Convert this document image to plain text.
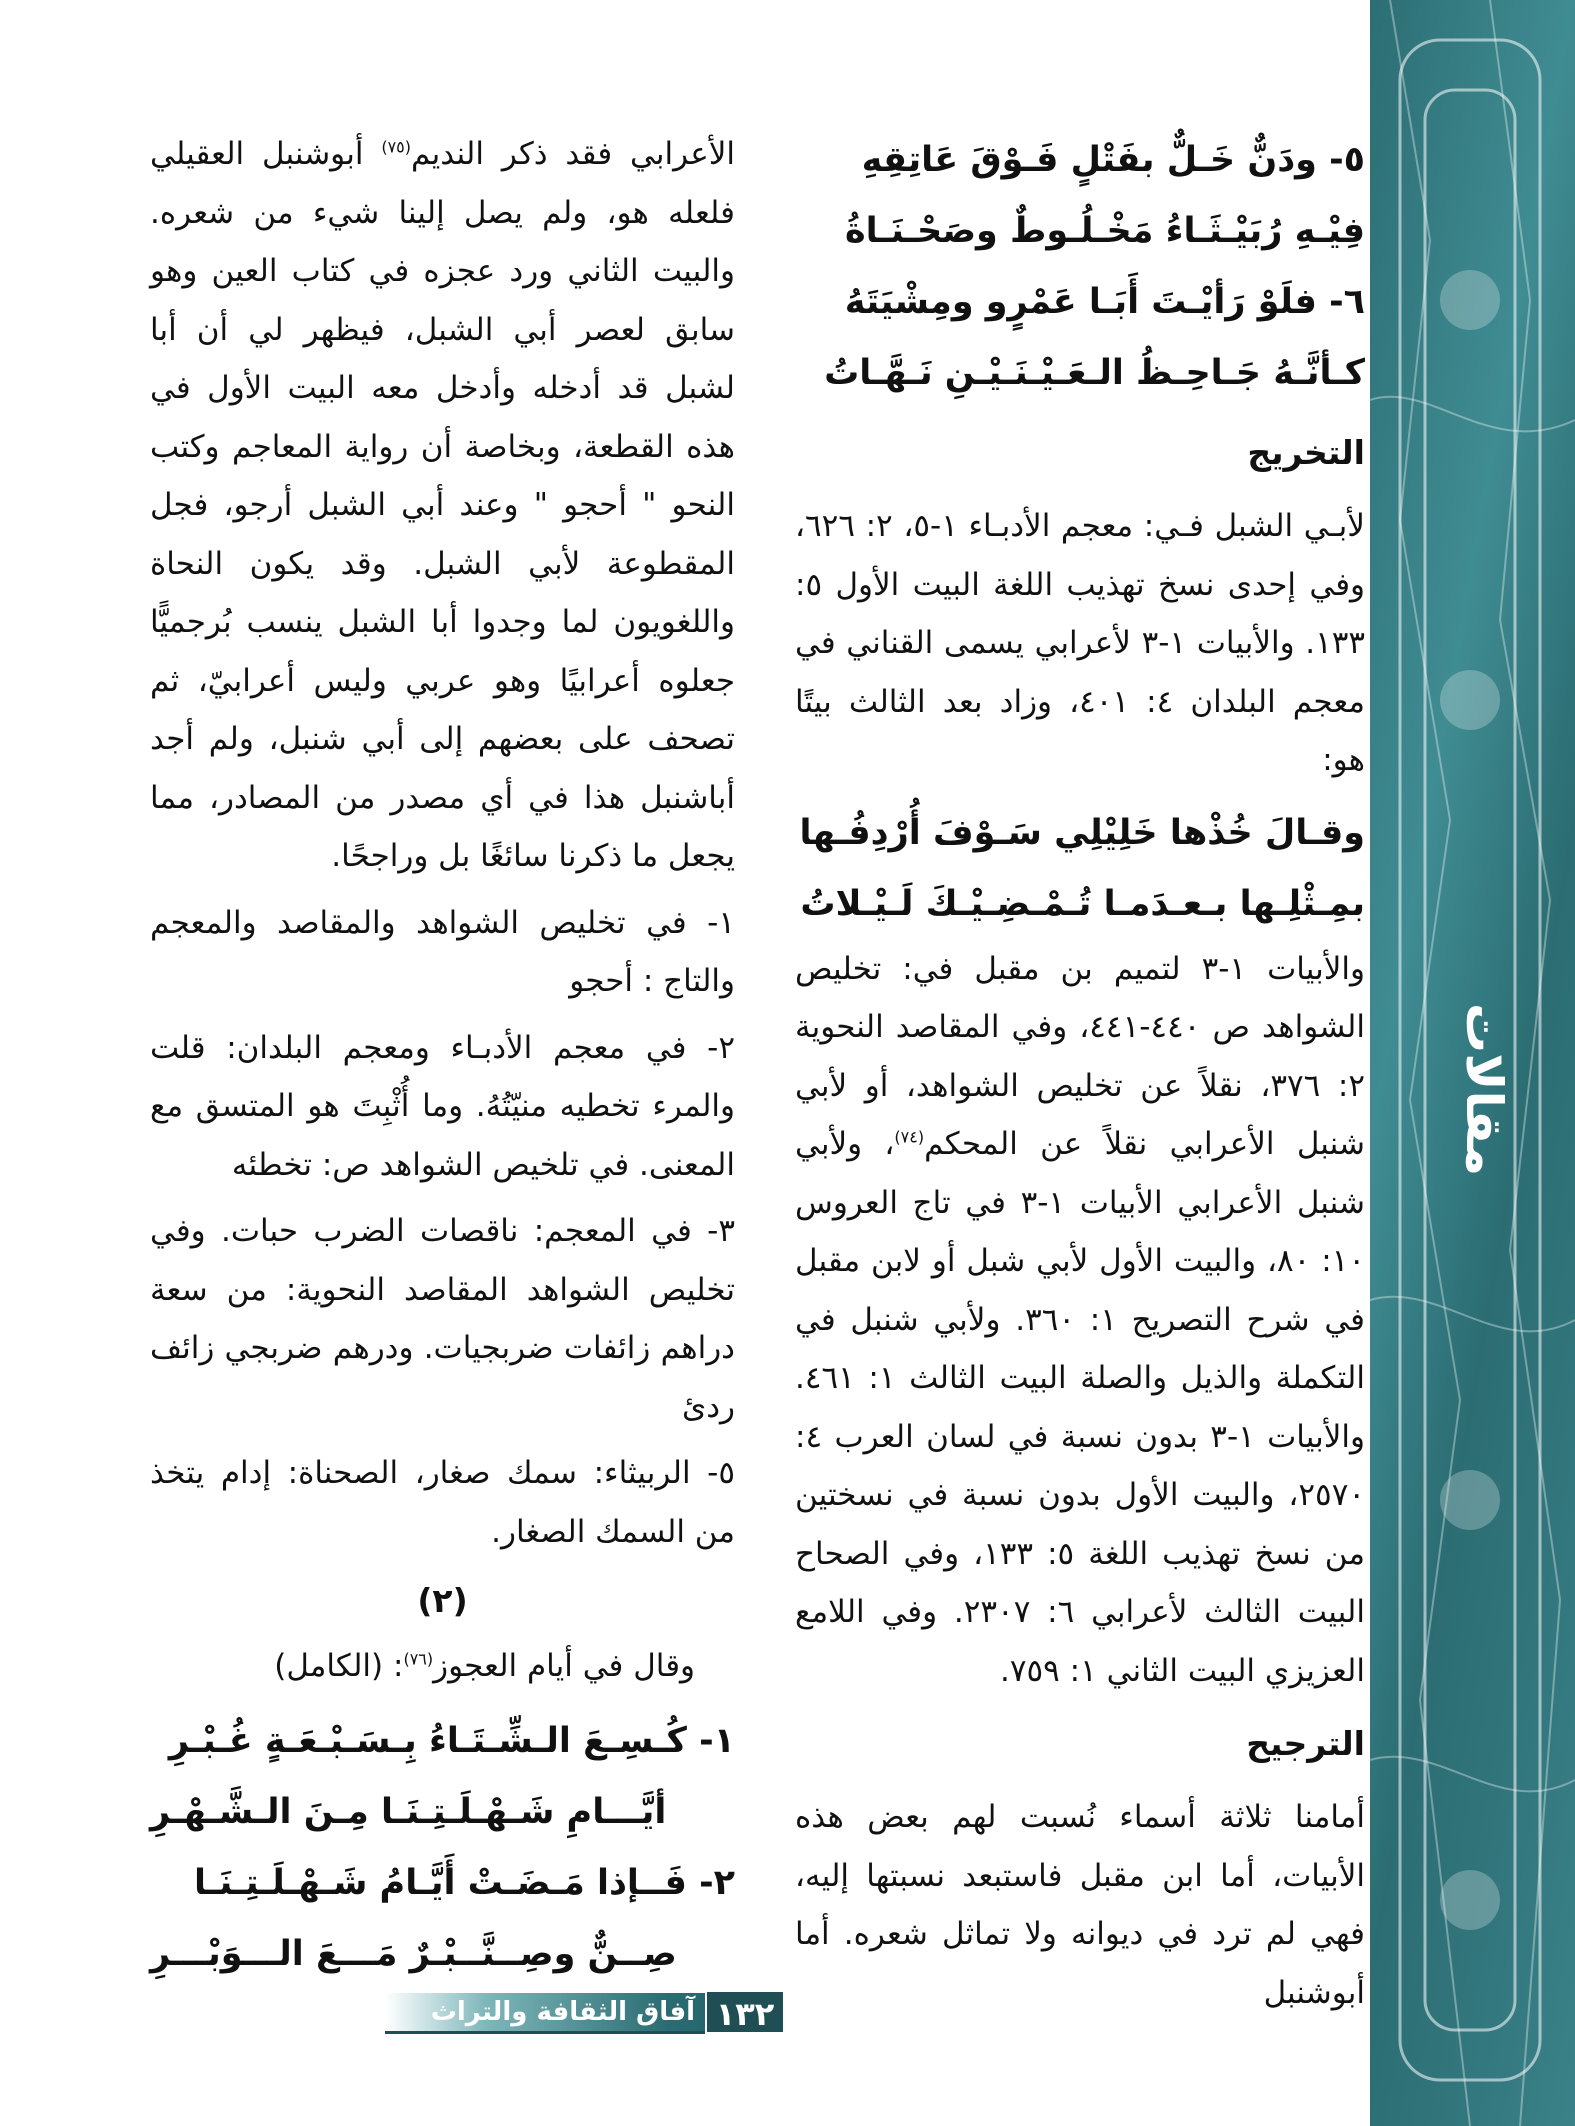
مقالات
٥- ودَنٌّ خَـلٌّ بفَتْلٍ فَـوْقَ عَاتِقِهِ
فِيْـهِ رُبَيْـثَـاءُ مَخْـلُـوطٌ وصَحْـنَـاةُ
٦- فلَوْ رَأيْـتَ أَبَـا عَمْرٍو ومِشْيَتَهُ
كـأنَّـهُ جَـاحِـظُ الـعَـيْـنَـيْـنِ نَـهَّـاتُ
التخريج

لأبـي الشبل فـي: معجم الأدبـاء ١-٥، ٢: ٦٢٦، وفي إحدى نسخ تهذيب اللغة البيت الأول ٥: ١٣٣. والأبيات ١-٣ لأعرابي يسمى القناني في معجم البلدان ٤: ٤٠١، وزاد بعد الثالث بيتًا هو:

وقـالَ خُذْها خَلِيْلِي سَـوْفَ أُرْدِفُـها
بمِـثْلِـها بـعـدَمـا تُـمْـضِـيْـكَ لَـيْـلاتُ

والأبيات ١-٣ لتميم بن مقبل في: تخليص الشواهد ص ٤٤٠-٤٤١، وفي المقاصد النحوية ٢: ٣٧٦، نقلاً عن تخليص الشواهد، أو لأبي شنبل الأعرابي نقلاً عن المحكم$^{(٧٤)}$، ولأبي شنبل الأعرابي الأبيات ١-٣ في تاج العروس ١٠: ٨٠، والبيت الأول لأبي شبل أو لابن مقبل في شرح التصريح ١: ٣٦٠. ولأبي شنبل في التكملة والذيل والصلة البيت الثالث ١: ٤٦١. والأبيات ١-٣ بدون نسبة في لسان العرب ٤: ٢٥٧٠، والبيت الأول بدون نسبة في نسختين من نسخ تهذيب اللغة ٥: ١٣٣، وفي الصحاح البيت الثالث لأعرابي ٦: ٢٣٠٧. وفي اللامع العزيزي البيت الثاني ١: ٧٥٩.

الترجيح

أمامنا ثلاثة أسماء نُسبت لهم بعض هذه الأبيات، أما ابن مقبل فاستبعد نسبتها إليه، فهي لم ترد في ديوانه ولا تماثل شعره. أما أبوشنبل

الأعرابي فقد ذكر النديم$^{(٧٥)}$ أبوشنبل العقيلي فلعله هو، ولم يصل إلينا شيء من شعره. والبيت الثاني ورد عجزه في كتاب العين وهو سابق لعصر أبي الشبل، فيظهر لي أن أبا لشبل قد أدخله وأدخل معه البيت الأول في هذه القطعة، وبخاصة أن رواية المعاجم وكتب النحو " أحجو " وعند أبي الشبل أرجو، فجل المقطوعة لأبي الشبل. وقد يكون النحاة واللغويون لما وجدوا أبا الشبل ينسب بُرجميًّا جعلوه أعرابيًا وهو عربي وليس أعرابيّ، ثم تصحف على بعضهم إلى أبي شنبل، ولم أجد أباشنبل هذا في أي مصدر من المصادر، مما يجعل ما ذكرنا سائغًا بل وراجحًا.

١- في تخليص الشواهد والمقاصد والمعجم والتاج : أحجو

٢- في معجم الأدبـاء ومعجم البلدان: قلت والمرء تخطيه منيّتُهُ. وما أُثْبِتَ هو المتسق مع المعنى. في تلخيص الشواهد ص: تخطئه

٣- في المعجم: ناقصات الضرب حبات. وفي تخليص الشواهد المقاصد النحوية: من سعة دراهم زائفات ضربجيات. ودرهم ضربجي زائف ردئ

٥- الربيثاء: سمك صغار، الصحناة: إدام يتخذ من السمك الصغار.

(٢)

وقال في أيام العجوز$^{(٧٦)}$: (الكامل)

١- كُـسِـعَ الـشِّـتَـاءُ بِـسَـبْـعَـةٍ غُـبْـرِ
أيَّـــامِ شَـهْـلَـتِـنَـا مِـنَ الـشَّـهْـرِ
٢- فَــإذا مَـضَـتْ أَيَّـامُ شَـهْـلَـتِـنَـا
صِــنٌّ وصِــنَّــبْـرٌ مَـــعَ الـــوَبْـــرِ
آفاق الثقافة والتراث ١٣٢
